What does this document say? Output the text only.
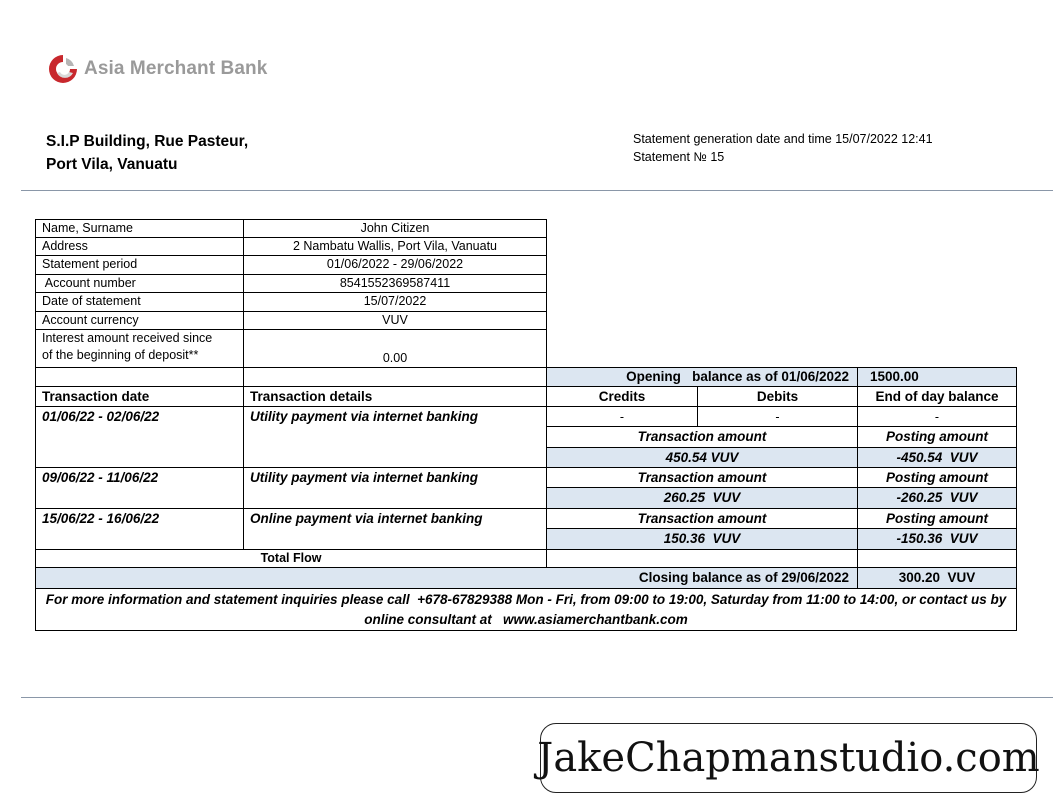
Asia Merchant Bank
S.I.P Building, Rue Pasteur,
Port Vila, Vanuatu
Statement generation date and time 15/07/2022 12:41
Statement № 15
Name, Surname	John Citizen
Address	2 Nambatu Wallis, Port Vila, Vanuatu
Statement period	01/06/2022 - 29/06/2022
Account number	8541552369587411
Date of statement	15/07/2022
Account currency	VUV
Interest amount received since
of the beginning of deposit**	0.00
Opening   balance as of 01/06/2022	1500.00
Transaction date	Transaction details	Credits	Debits	End of day balance
01/06/22 - 02/06/22	Utility payment via internet banking	-	-	-
Transaction amount	Posting amount
450.54 VUV	-450.54  VUV
09/06/22 - 11/06/22	Utility payment via internet banking	Transaction amount	Posting amount
260.25  VUV	-260.25  VUV
15/06/22 - 16/06/22	Online payment via internet banking	Transaction amount	Posting amount
150.36  VUV	-150.36  VUV
Total Flow
Closing balance as of 29/06/2022	300.20  VUV
For more information and statement inquiries please call  +678-67829388 Mon - Fri, from 09:00 to 19:00, Saturday from 11:00 to 14:00, or contact us by online consultant at   www.asiamerchantbank.com
JakeChapmanstudio.com
